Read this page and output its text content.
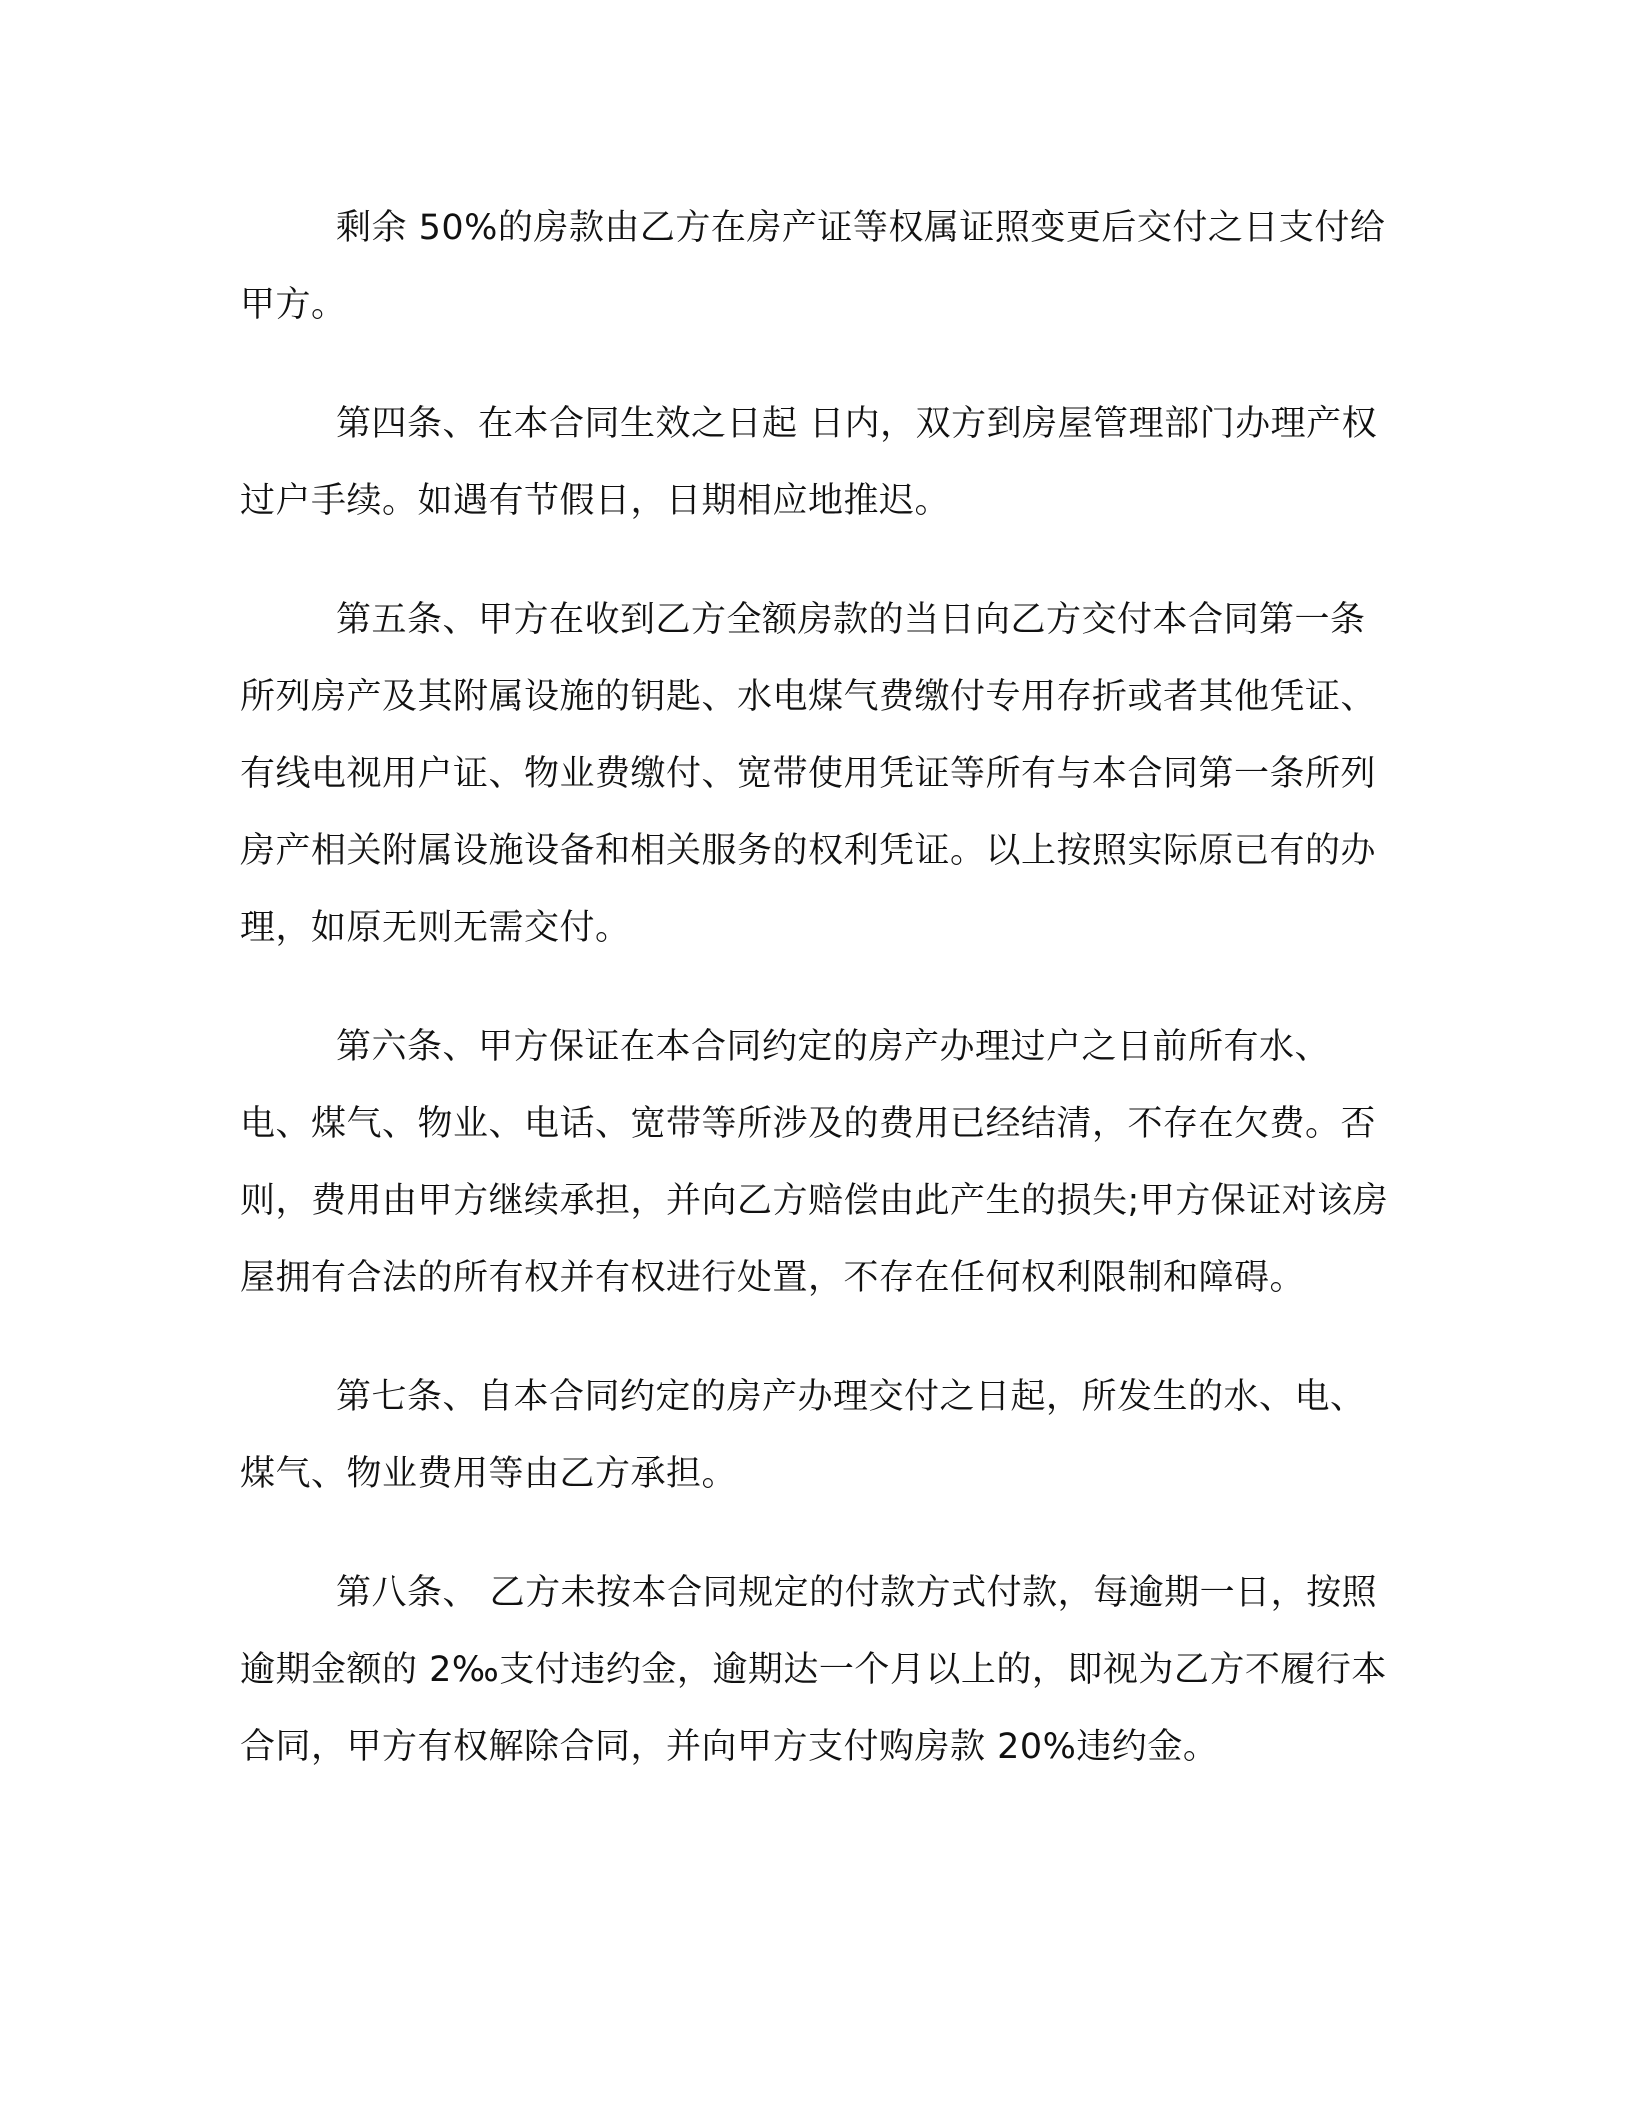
剩余 50%的房款由乙方在房产证等权属证照变更后交付之日支付给甲方。

第四条、在本合同生效之日起 日内，双方到房屋管理部门办理产权过户手续。如遇有节假日，日期相应地推迟。

第五条、甲方在收到乙方全额房款的当日向乙方交付本合同第一条所列房产及其附属设施的钥匙、水电煤气费缴付专用存折或者其他凭证、有线电视用户证、物业费缴付、宽带使用凭证等所有与本合同第一条所列房产相关附属设施设备和相关服务的权利凭证。以上按照实际原已有的办理，如原无则无需交付。

第六条、甲方保证在本合同约定的房产办理过户之日前所有水、电、煤气、物业、电话、宽带等所涉及的费用已经结清，不存在欠费。否则，费用由甲方继续承担，并向乙方赔偿由此产生的损失;甲方保证对该房屋拥有合法的所有权并有权进行处置，不存在任何权利限制和障碍。

第七条、自本合同约定的房产办理交付之日起，所发生的水、电、煤气、物业费用等由乙方承担。

第八条、 乙方未按本合同规定的付款方式付款，每逾期一日，按照逾期金额的 2‰支付违约金，逾期达一个月以上的，即视为乙方不履行本合同，甲方有权解除合同，并向甲方支付购房款 20%违约金。
